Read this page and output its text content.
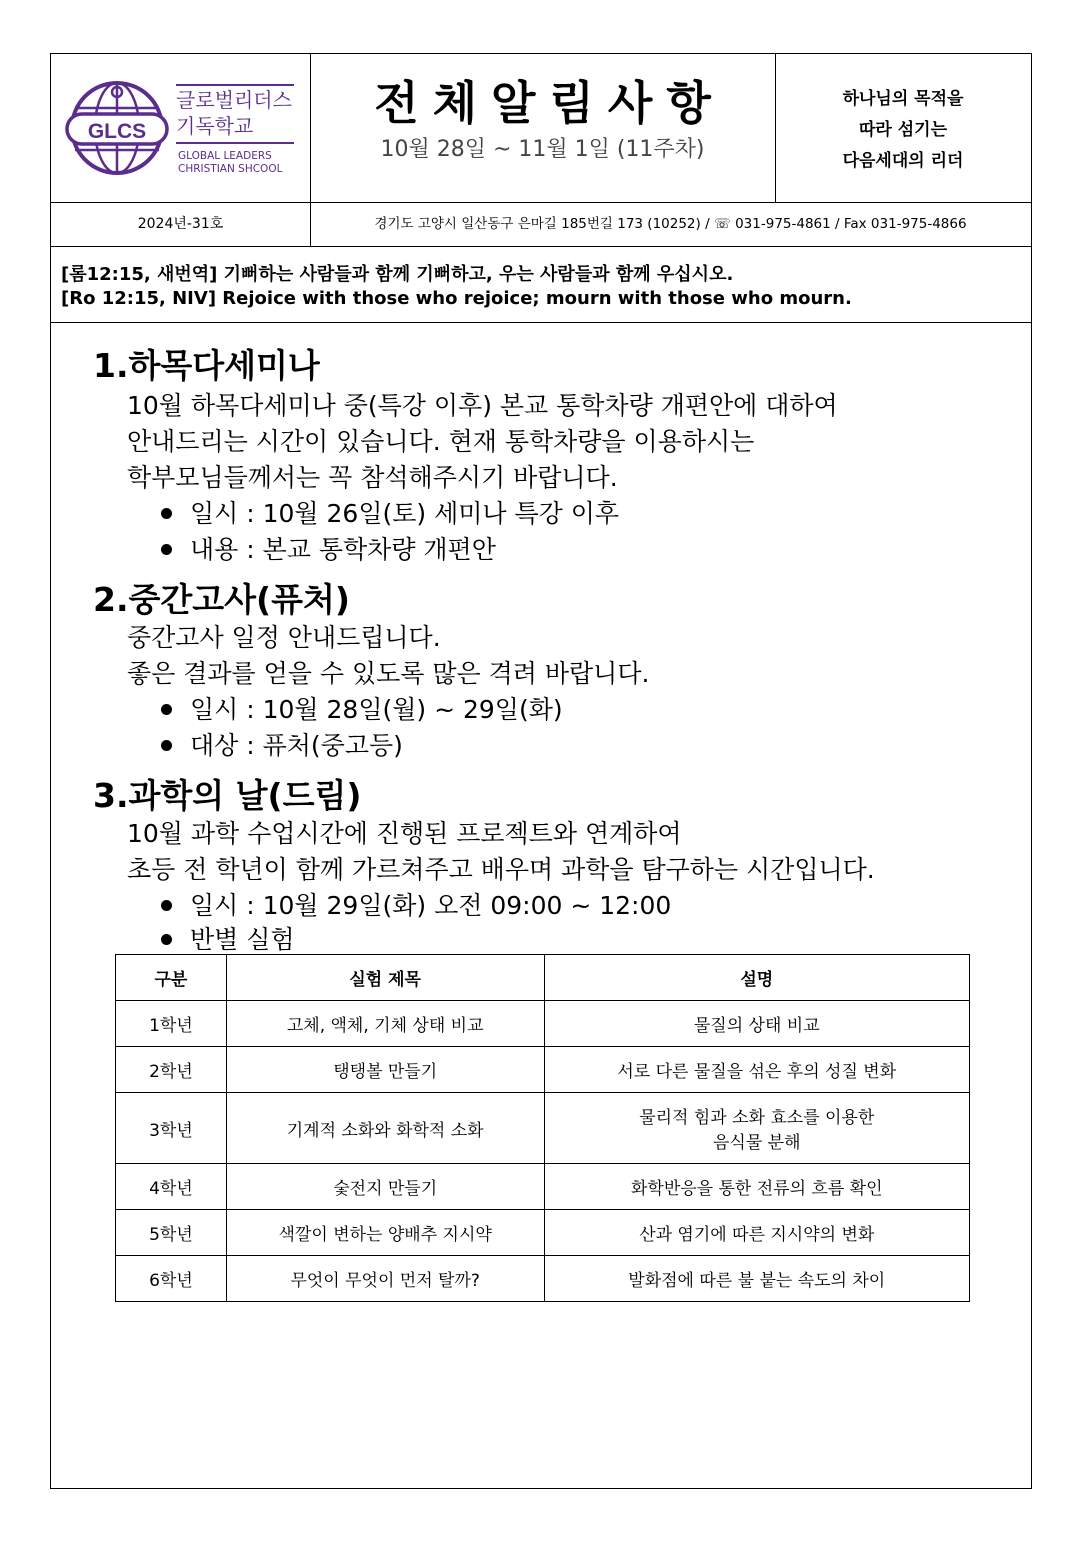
GLCS
글로벌리더스
기독학교
GLOBAL LEADERS
CHRISTIAN SHCOOL
전체알림사항
10월 28일 ~ 11월 1일 (11주차)
하나님의 목적을
따라 섬기는
다음세대의 리더
2024년-31호	경기도 고양시 일산동구 은마길 185번길 173 (10252) / ☏ 031-975-4861 / Fax 031-975-4866
[롬12:15, 새번역] 기뻐하는 사람들과 함께 기뻐하고, 우는 사람들과 함께 우십시오.
[Ro 12:15, NIV] Rejoice with those who rejoice; mourn with those who mourn.
1.하목다세미나
10월 하목다세미나 중(특강 이후) 본교 통학차량 개편안에 대하여
안내드리는 시간이 있습니다. 현재 통학차량을 이용하시는
학부모님들께서는 꼭 참석해주시기 바랍니다.
일시 : 10월 26일(토) 세미나 특강 이후
내용 : 본교 통학차량 개편안
2.중간고사(퓨처)
중간고사 일정 안내드립니다.
좋은 결과를 얻을 수 있도록 많은 격려 바랍니다.
일시 : 10월 28일(월) ~ 29일(화)
대상 : 퓨처(중고등)
3.과학의 날(드림)
10월 과학 수업시간에 진행된 프로젝트와 연계하여
초등 전 학년이 함께 가르쳐주고 배우며 과학을 탐구하는 시간입니다.
일시 : 10월 29일(화) 오전 09:00 ~ 12:00
반별 실험
구분	실험 제목	설명
1학년	고체, 액체, 기체 상태 비교	물질의 상태 비교
2학년	탱탱볼 만들기	서로 다른 물질을 섞은 후의 성질 변화
3학년	기계적 소화와 화학적 소화	물리적 힘과 소화 효소를 이용한
음식물 분해

4학년	숯전지 만들기	화학반응을 통한 전류의 흐름 확인
5학년	색깔이 변하는 양배추 지시약	산과 염기에 따른 지시약의 변화
6학년	무엇이 무엇이 먼저 탈까?	발화점에 따른 불 붙는 속도의 차이
